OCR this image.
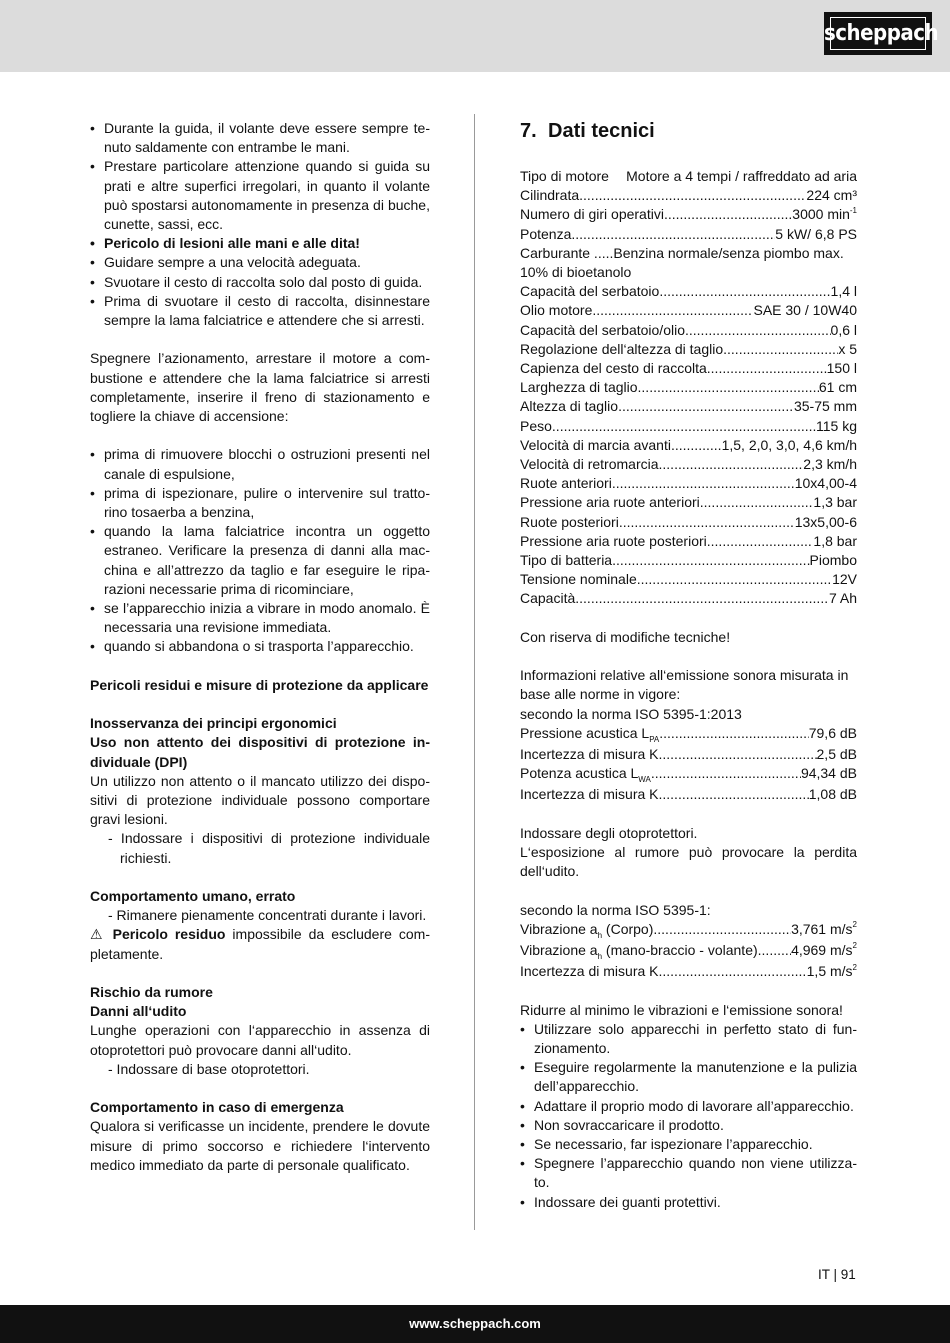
scheppach
• Durante la guida, il volante deve essere sempre tenuto saldamente con entrambe le mani.
• Prestare particolare attenzione quando si guida su prati e altre superfici irregolari, in quanto il volante può spostarsi autonomamente in presenza di buche, cunette, sassi, ecc.
• Pericolo di lesioni alle mani e alle dita!
• Guidare sempre a una velocità adeguata.
• Svuotare il cesto di raccolta solo dal posto di guida.
• Prima di svuotare il cesto di raccolta, disinnestare sempre la lama falciatrice e attendere che si arresti.

Spegnere l’azionamento, arrestare il motore a combustione e attendere che la lama falciatrice si arresti completamente, inserire il freno di stazionamento e togliere la chiave di accensione:

• prima di rimuovere blocchi o ostruzioni presenti nel canale di espulsione,
• prima di ispezionare, pulire o intervenire sul trattorino tosaerba a benzina,
• quando la lama falciatrice incontra un oggetto estraneo. Verificare la presenza di danni alla macchina e all’attrezzo da taglio e far eseguire le riparazioni necessarie prima di ricominciare,
• se l’apparecchio inizia a vibrare in modo anomalo. È necessaria una revisione immediata.
• quando si abbandona o si trasporta l’apparecchio.

Pericoli residui e misure di protezione da applicare

Inosservanza dei principi ergonomici

Uso non attento dei dispositivi di protezione individuale (DPI)

Un utilizzo non attento o il mancato utilizzo dei dispositivi di protezione individuale possono comportare gravi lesioni.

- Indossare i dispositivi di protezione individuale richiesti.

Comportamento umano, errato

- Rimanere pienamente concentrati durante i lavori.

⚠ Pericolo residuo impossibile da escludere completamente.

Rischio da rumore

Danni all‘udito

Lunghe operazioni con l‘apparecchio in assenza di otoprotettori può provocare danni all‘udito.

- Indossare di base otoprotettori.

Comportamento in caso di emergenza

Qualora si verificasse un incidente, prendere le dovute misure di primo soccorso e richiedere l‘intervento medico immediato da parte di personale qualificato.

7. Dati tecnici
Tipo di motore Motore a 4 tempi / raffreddato ad aria
Cilindrata .....	224 cm³
Numero di giri operativi .....	3000 $\min^{-1}$
Potenza .....	5 kW/ 6,8 PS
Carburante ..... Benzina normale/senza piombo max.

10% di bioetanolo

Capacità del serbatoio .....	1,4 l
Olio motore .....	SAE 30 / 10W40
Capacità del serbatoio/olio. .....	0,6 l
Regolazione dell‘altezza di taglio. .....	x 5
Capienza del cesto di raccolta .....	150 l
Larghezza di taglio .....	61 cm
Altezza di taglio .....	35-75 mm
Peso .....	115 kg
Velocità di marcia avanti .....	1,5, 2,0, 3,0, 4,6 km/h
Velocità di retromarcia .....	2,3 km/h
Ruote anteriori .....	10x4,00-4
Pressione aria ruote anteriori. .....	1,3 bar
Ruote posteriori .....	13x5,00-6
Pressione aria ruote posteriori .....	1,8 bar
Tipo di batteria .....	Piombo
Tensione nominale .....	12V
Capacità .....	7 Ah

Con riserva di modifiche tecniche!

Informazioni relative all‘emissione sonora misurata in base alle norme in vigore:

secondo la norma ISO 5395-1:2013

Pressione acustica $L_{PA}$ .....	79,6 dB
Incertezza di misura K .....	2,5 dB
Potenza acustica $L_{WA}$ .....	94,34 dB
Incertezza di misura K .....	1,08 dB

Indossare degli otoprotettori.

L‘esposizione al rumore può provocare la perdita dell‘udito.

secondo la norma ISO 5395-1:

Vibrazione $a_h$ (Corpo) .....	3,761 $m/s^2$
Vibrazione $a_h$ (mano-braccio - volante) ..... 4,969 $m/s^2$
Incertezza di misura K .....	1,5 $m/s^2$

Ridurre al minimo le vibrazioni e l‘emissione sonora!

• Utilizzare solo apparecchi in perfetto stato di funzionamento.
• Eseguire regolarmente la manutenzione e la pulizia dell’apparecchio.
• Adattare il proprio modo di lavorare all’apparecchio.
• Non sovraccaricare il prodotto.
• Se necessario, far ispezionare l’apparecchio.
• Spegnere l’apparecchio quando non viene utilizzato.
• Indossare dei guanti protettivi.
IT | 91
www.scheppach.com
